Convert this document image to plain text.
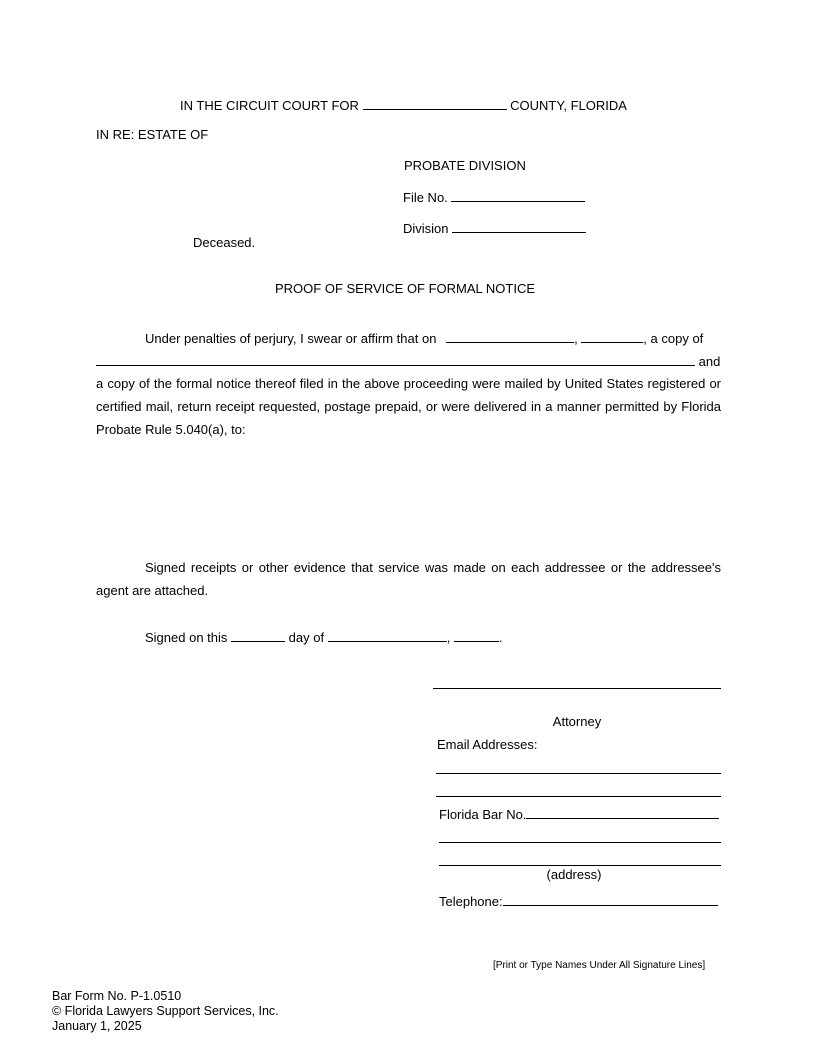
IN THE CIRCUIT COURT FOR	COUNTY, FLORIDA
IN RE: ESTATE OF
PROBATE DIVISION
File No.
Division
Deceased.
PROOF OF SERVICE OF FORMAL NOTICE
Under penalties of perjury, I swear or affirm that on	,	, a copy of
and
a copy of the formal notice thereof filed in the above proceeding were mailed by United States registered or certified mail, return receipt requested, postage prepaid, or were delivered in a manner permitted by Florida Probate Rule 5.040(a), to:
Signed receipts or other evidence that service was made on each addressee or the addressee's agent are attached.
Signed on this	day of	,	.
Attorney
Email Addresses:
Florida Bar No.
(address)
Telephone:
[Print or Type Names Under All Signature Lines]
Bar Form No. P-1.0510
© Florida Lawyers Support Services, Inc.
January 1, 2025
